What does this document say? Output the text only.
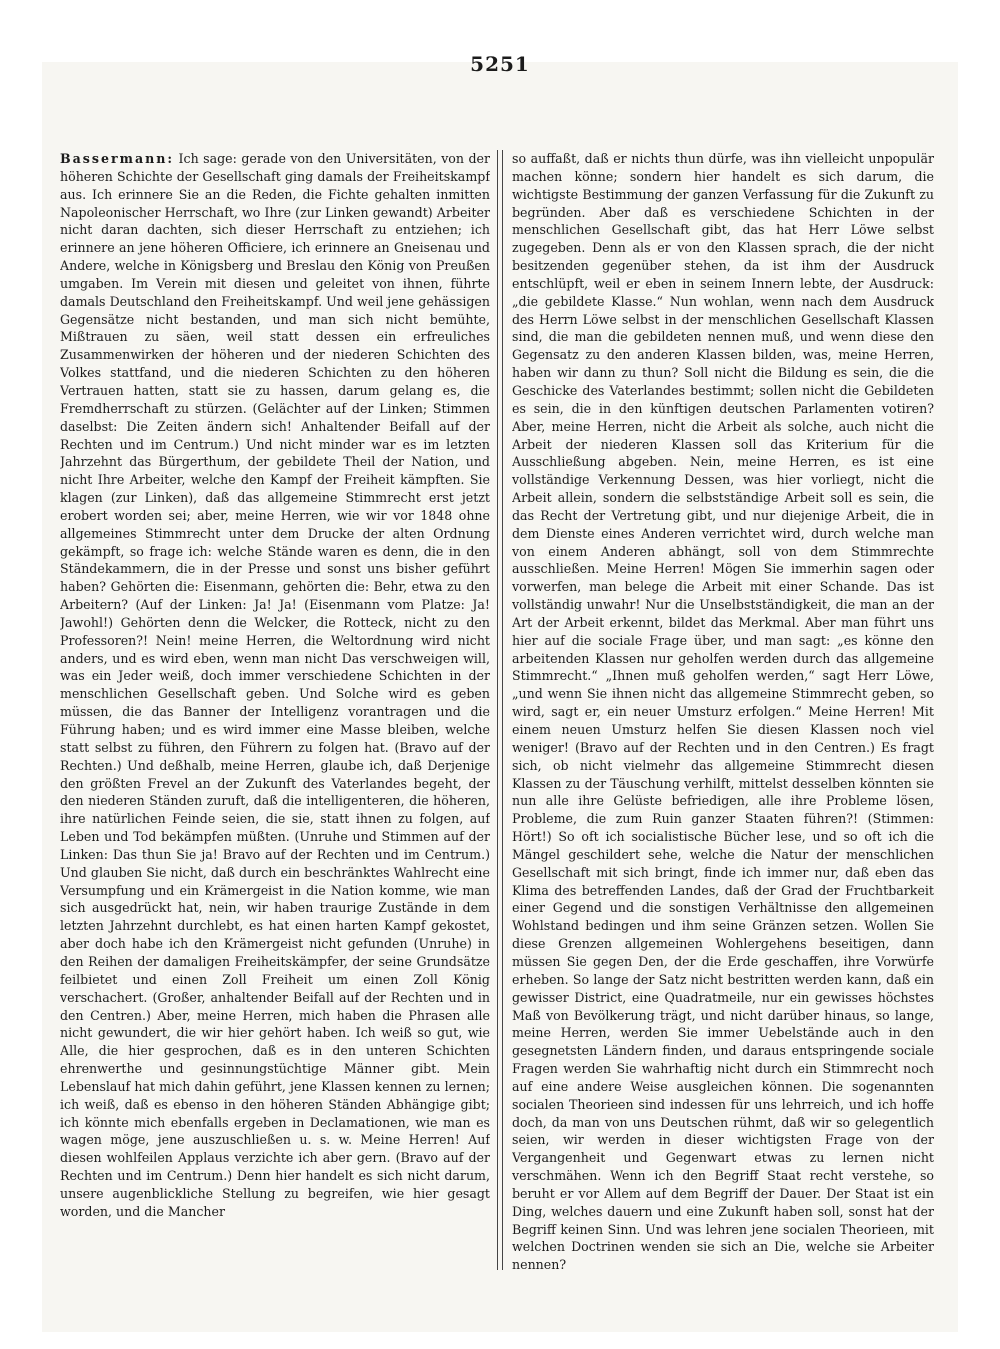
5251
Bassermann: Ich sage: gerade von den Universitäten, von der höheren Schichte der Gesellschaft ging damals der Freiheitskampf aus. Ich erinnere Sie an die Reden, die Fichte gehalten inmitten Napoleonischer Herrschaft, wo Ihre (zur Linken gewandt) Arbeiter nicht daran dachten, sich dieser Herrschaft zu entziehen; ich erinnere an jene höheren Officiere, ich erinnere an Gneisenau und Andere, welche in Königsberg und Breslau den König von Preußen umgaben. Im Verein mit diesen und geleitet von ihnen, führte damals Deutschland den Freiheitskampf. Und weil jene gehässigen Gegensätze nicht bestanden, und man sich nicht bemühte, Mißtrauen zu säen, weil statt dessen ein erfreuliches Zusammenwirken der höheren und der niederen Schichten des Volkes stattfand, und die niederen Schichten zu den höheren Vertrauen hatten, statt sie zu hassen, darum gelang es, die Fremdherrschaft zu stürzen. (Gelächter auf der Linken; Stimmen daselbst: Die Zeiten ändern sich! Anhaltender Beifall auf der Rechten und im Centrum.) Und nicht minder war es im letzten Jahrzehnt das Bürgerthum, der gebildete Theil der Nation, und nicht Ihre Arbeiter, welche den Kampf der Freiheit kämpften. Sie klagen (zur Linken), daß das allgemeine Stimmrecht erst jetzt erobert worden sei; aber, meine Herren, wie wir vor 1848 ohne allgemeines Stimmrecht unter dem Drucke der alten Ordnung gekämpft, so frage ich: welche Stände waren es denn, die in den Ständekammern, die in der Presse und sonst uns bisher geführt haben? Gehörten die: Eisenmann, gehörten die: Behr, etwa zu den Arbeitern? (Auf der Linken: Ja! Ja! (Eisenmann vom Platze: Ja! Jawohl!) Gehörten denn die Welcker, die Rotteck, nicht zu den Professoren?! Nein! meine Herren, die Weltordnung wird nicht anders, und es wird eben, wenn man nicht Das verschweigen will, was ein Jeder weiß, doch immer verschiedene Schichten in der menschlichen Gesellschaft geben. Und Solche wird es geben müssen, die das Banner der Intelligenz vorantragen und die Führung haben; und es wird immer eine Masse bleiben, welche statt selbst zu führen, den Führern zu folgen hat. (Bravo auf der Rechten.) Und deßhalb, meine Herren, glaube ich, daß Derjenige den größten Frevel an der Zukunft des Vaterlandes begeht, der den niederen Ständen zuruft, daß die intelligenteren, die höheren, ihre natürlichen Feinde seien, die sie, statt ihnen zu folgen, auf Leben und Tod bekämpfen müßten. (Unruhe und Stimmen auf der Linken: Das thun Sie ja! Bravo auf der Rechten und im Centrum.) Und glauben Sie nicht, daß durch ein beschränktes Wahlrecht eine Versumpfung und ein Krämergeist in die Nation komme, wie man sich ausgedrückt hat, nein, wir haben traurige Zustände in dem letzten Jahrzehnt durchlebt, es hat einen harten Kampf gekostet, aber doch habe ich den Krämergeist nicht gefunden (Unruhe) in den Reihen der damaligen Freiheitskämpfer, der seine Grundsätze feilbietet und einen Zoll Freiheit um einen Zoll König verschachert. (Großer, anhaltender Beifall auf der Rechten und in den Centren.) Aber, meine Herren, mich haben die Phrasen alle nicht gewundert, die wir hier gehört haben. Ich weiß so gut, wie Alle, die hier gesprochen, daß es in den unteren Schichten ehrenwerthe und gesinnungstüchtige Männer gibt. Mein Lebenslauf hat mich dahin geführt, jene Klassen kennen zu lernen; ich weiß, daß es ebenso in den höheren Ständen Abhängige gibt; ich könnte mich ebenfalls ergeben in Declamationen, wie man es wagen möge, jene auszuschließen u. s. w. Meine Herren! Auf diesen wohlfeilen Applaus verzichte ich aber gern. (Bravo auf der Rechten und im Centrum.) Denn hier handelt es sich nicht darum, unsere augenblickliche Stellung zu begreifen, wie hier gesagt worden, und die Mancher
so auffaßt, daß er nichts thun dürfe, was ihn vielleicht unpopulär machen könne; sondern hier handelt es sich darum, die wichtigste Bestimmung der ganzen Verfassung für die Zukunft zu begründen. Aber daß es verschiedene Schichten in der menschlichen Gesellschaft gibt, das hat Herr Löwe selbst zugegeben. Denn als er von den Klassen sprach, die der nicht besitzenden gegenüber stehen, da ist ihm der Ausdruck entschlüpft, weil er eben in seinem Innern lebte, der Ausdruck: „die gebildete Klasse.“ Nun wohlan, wenn nach dem Ausdruck des Herrn Löwe selbst in der menschlichen Gesellschaft Klassen sind, die man die gebildeten nennen muß, und wenn diese den Gegensatz zu den anderen Klassen bilden, was, meine Herren, haben wir dann zu thun? Soll nicht die Bildung es sein, die die Geschicke des Vaterlandes bestimmt; sollen nicht die Gebildeten es sein, die in den künftigen deutschen Parlamenten votiren? Aber, meine Herren, nicht die Arbeit als solche, auch nicht die Arbeit der niederen Klassen soll das Kriterium für die Ausschließung abgeben. Nein, meine Herren, es ist eine vollständige Verkennung Dessen, was hier vorliegt, nicht die Arbeit allein, sondern die selbstständige Arbeit soll es sein, die das Recht der Vertretung gibt, und nur diejenige Arbeit, die in dem Dienste eines Anderen verrichtet wird, durch welche man von einem Anderen abhängt, soll von dem Stimmrechte ausschließen. Meine Herren! Mögen Sie immerhin sagen oder vorwerfen, man belege die Arbeit mit einer Schande. Das ist vollständig unwahr! Nur die Unselbstständigkeit, die man an der Art der Arbeit erkennt, bildet das Merkmal. Aber man führt uns hier auf die sociale Frage über, und man sagt: „es könne den arbeitenden Klassen nur geholfen werden durch das allgemeine Stimmrecht.“ „Ihnen muß geholfen werden,“ sagt Herr Löwe, „und wenn Sie ihnen nicht das allgemeine Stimmrecht geben, so wird, sagt er, ein neuer Umsturz erfolgen.“ Meine Herren! Mit einem neuen Umsturz helfen Sie diesen Klassen noch viel weniger! (Bravo auf der Rechten und in den Centren.) Es fragt sich, ob nicht vielmehr das allgemeine Stimmrecht diesen Klassen zu der Täuschung verhilft, mittelst desselben könnten sie nun alle ihre Gelüste befriedigen, alle ihre Probleme lösen, Probleme, die zum Ruin ganzer Staaten führen?! (Stimmen: Hört!) So oft ich socialistische Bücher lese, und so oft ich die Mängel geschildert sehe, welche die Natur der menschlichen Gesellschaft mit sich bringt, finde ich immer nur, daß eben das Klima des betreffenden Landes, daß der Grad der Fruchtbarkeit einer Gegend und die sonstigen Verhältnisse den allgemeinen Wohlstand bedingen und ihm seine Gränzen setzen. Wollen Sie diese Grenzen allgemeinen Wohlergehens beseitigen, dann müssen Sie gegen Den, der die Erde geschaffen, ihre Vorwürfe erheben. So lange der Satz nicht bestritten werden kann, daß ein gewisser District, eine Quadratmeile, nur ein gewisses höchstes Maß von Bevölkerung trägt, und nicht darüber hinaus, so lange, meine Herren, werden Sie immer Uebelstände auch in den gesegnetsten Ländern finden, und daraus entspringende sociale Fragen werden Sie wahrhaftig nicht durch ein Stimmrecht noch auf eine andere Weise ausgleichen können. Die sogenannten socialen Theorieen sind indessen für uns lehrreich, und ich hoffe doch, da man von uns Deutschen rühmt, daß wir so gelegentlich seien, wir werden in dieser wichtigsten Frage von der Vergangenheit und Gegenwart etwas zu lernen nicht verschmähen. Wenn ich den Begriff Staat recht verstehe, so beruht er vor Allem auf dem Begriff der Dauer. Der Staat ist ein Ding, welches dauern und eine Zukunft haben soll, sonst hat der Begriff keinen Sinn. Und was lehren jene socialen Theorieen, mit welchen Doctrinen wenden sie sich an Die, welche sie Arbeiter nennen?
